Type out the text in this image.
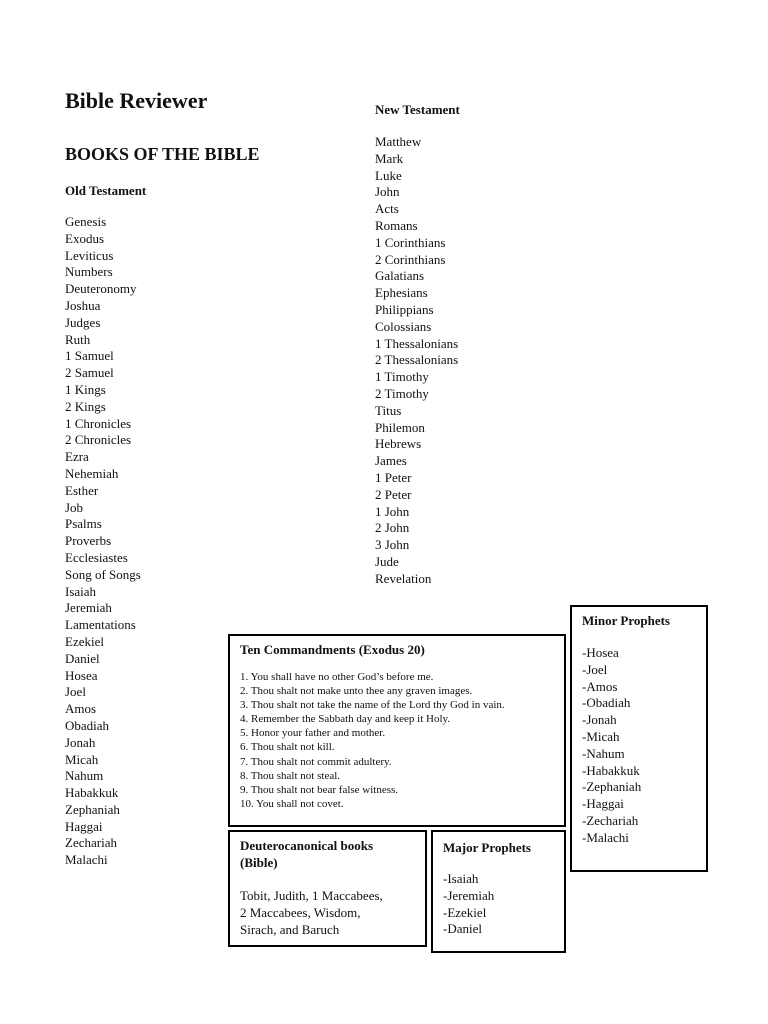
Bible Reviewer
BOOKS OF THE BIBLE
Old Testament
Genesis
Exodus
Leviticus
Numbers
Deuteronomy
Joshua
Judges
Ruth
1 Samuel
2 Samuel
1 Kings
2 Kings
1 Chronicles
2 Chronicles
Ezra
Nehemiah
Esther
Job
Psalms
Proverbs
Ecclesiastes
Song of Songs
Isaiah
Jeremiah
Lamentations
Ezekiel
Daniel
Hosea
Joel
Amos
Obadiah
Jonah
Micah
Nahum
Habakkuk
Zephaniah
Haggai
Zechariah
Malachi
New Testament
Matthew
Mark
Luke
John
Acts
Romans
1 Corinthians
2 Corinthians
Galatians
Ephesians
Philippians
Colossians
1 Thessalonians
2 Thessalonians
1 Timothy
2 Timothy
Titus
Philemon
Hebrews
James
1 Peter
2 Peter
1 John
2 John
3 John
Jude
Revelation

Ten Commandments (Exodus 20)

1. You shall have no other God’s before me.
2. Thou shalt not make unto thee any graven images.
3. Thou shalt not take the name of the Lord thy God in vain.
4. Remember the Sabbath day and keep it Holy.
5. Honor your father and mother.
6. Thou shalt not kill.
7. Thou shalt not commit adultery.
8. Thou shalt not steal.
9. Thou shalt not bear false witness.
10. You shall not covet.

Minor Prophets

-Hosea
-Joel
-Amos
-Obadiah
-Jonah
-Micah
-Nahum
-Habakkuk
-Zephaniah
-Haggai
-Zechariah
-Malachi

Deuterocanonical books

(Bible)

Tobit, Judith, 1 Maccabees,

2 Maccabees, Wisdom,

Sirach, and Baruch

Major Prophets

-Isaiah
-Jeremiah
-Ezekiel
-Daniel
